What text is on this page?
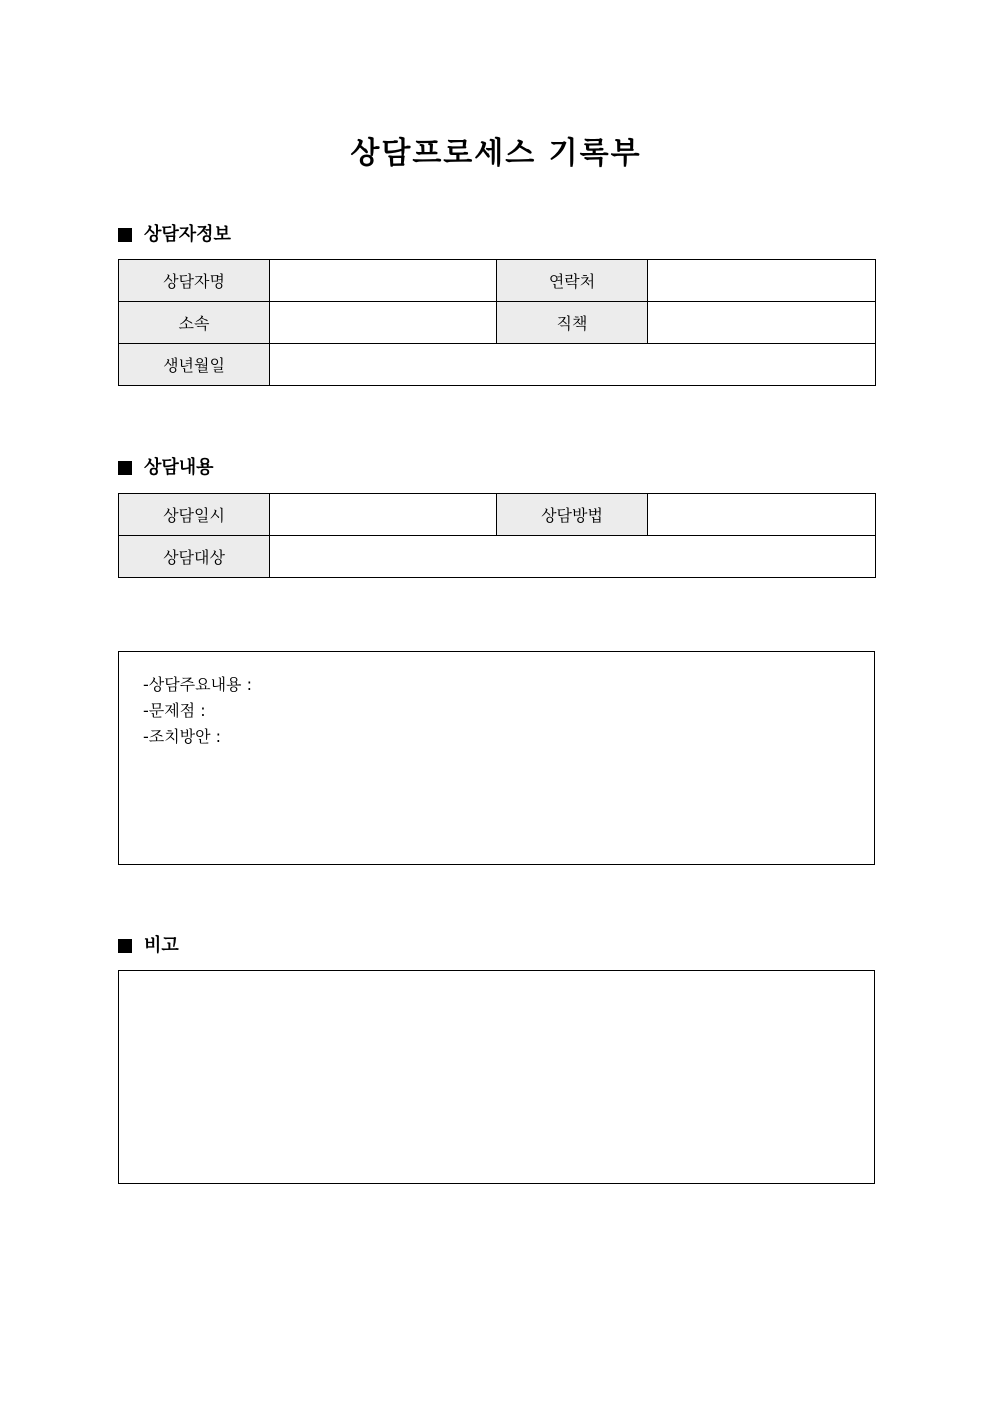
상담프로세스 기록부
상담자정보
상담자명		연락처	
소속		직책	
생년월일			
상담내용
상담일시		상담방법	
상담대상			
-상담주요내용 :
-문제점 :
-조치방안 :
비고
